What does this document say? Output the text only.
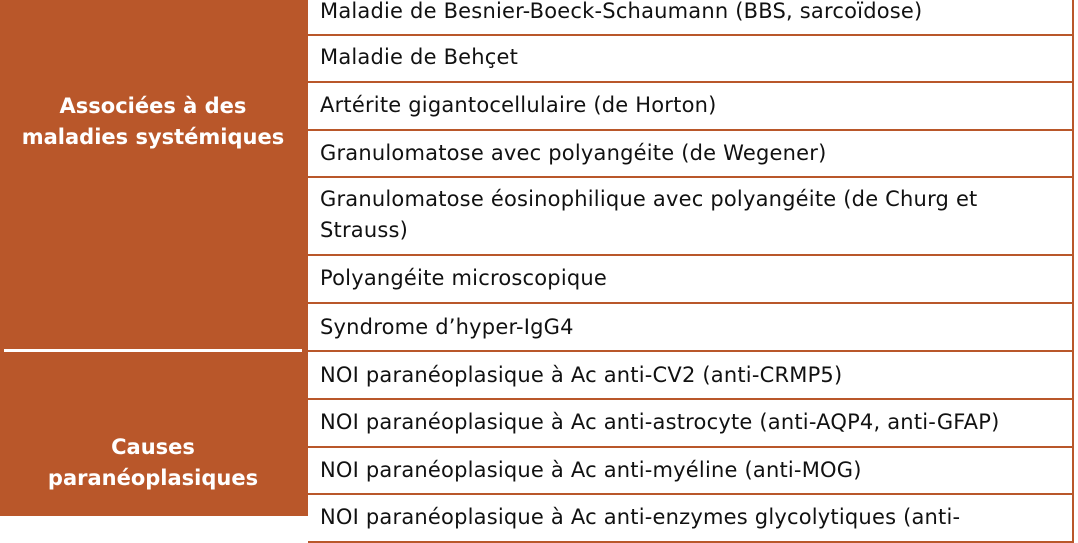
Associées à des
maladies systémiques
Causes
paranéoplasiques
Maladie de Besnier-Boeck-Schaumann (BBS, sarcoïdose)
Maladie de Behçet
Artérite gigantocellulaire (de Horton)
Granulomatose avec polyangéite (de Wegener)
Granulomatose éosinophilique avec polyangéite (de Churg et
Strauss)
Polyangéite microscopique
Syndrome d’hyper-IgG4
NOI paranéoplasique à Ac anti-CV2 (anti-CRMP5)
NOI paranéoplasique à Ac anti-astrocyte (anti-AQP4, anti-GFAP)
NOI paranéoplasique à Ac anti-myéline (anti-MOG)
NOI paranéoplasique à Ac anti-enzymes glycolytiques (anti-
